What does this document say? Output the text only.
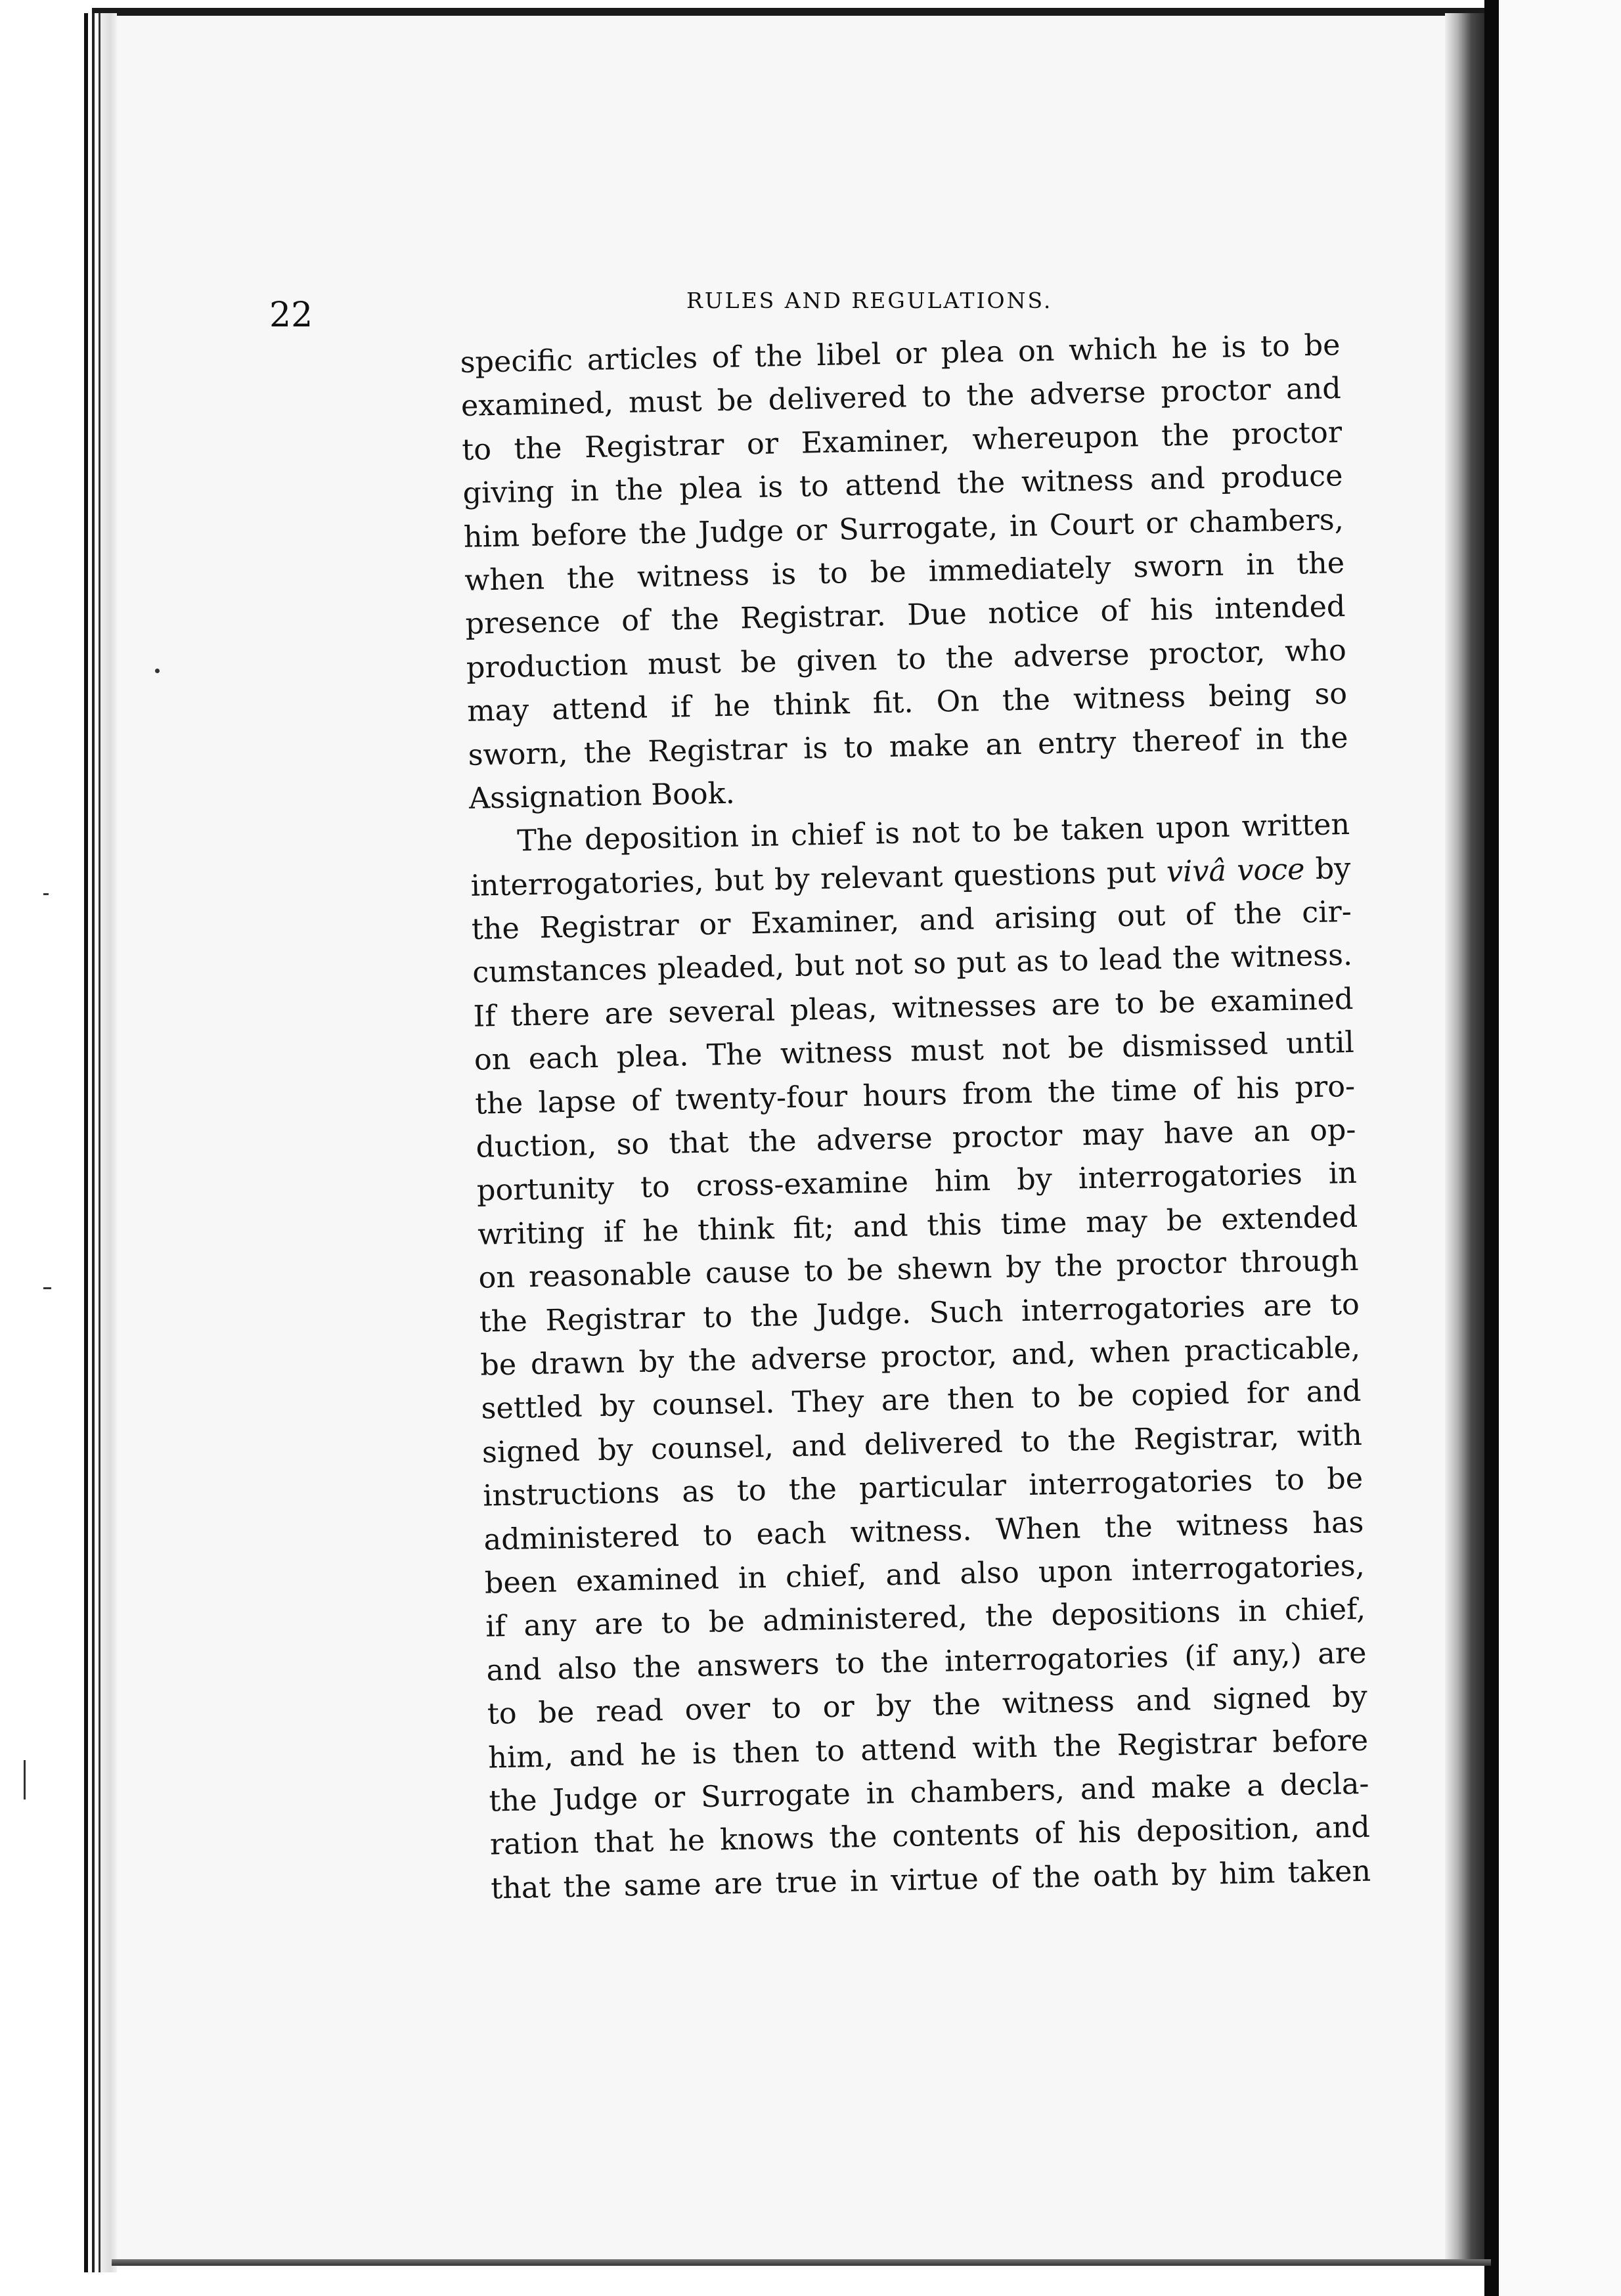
22	RULES AND REGULATIONS.
specific articles of the libel or plea on which he is to be
examined, must be delivered to the adverse proctor and
to the Registrar or Examiner, whereupon the proctor
giving in the plea is to attend the witness and produce
him before the Judge or Surrogate, in Court or chambers,
when the witness is to be immediately sworn in the
presence of the Registrar. Due notice of his intended
production must be given to the adverse proctor, who
may attend if he think fit. On the witness being so
sworn, the Registrar is to make an entry thereof in the
Assignation Book.
The deposition in chief is not to be taken upon written
interrogatories, but by relevant questions put vivâ voce by
the Registrar or Examiner, and arising out of the cir-
cumstances pleaded, but not so put as to lead the witness.
If there are several pleas, witnesses are to be examined
on each plea. The witness must not be dismissed until
the lapse of twenty-four hours from the time of his pro-
duction, so that the adverse proctor may have an op-
portunity to cross-examine him by interrogatories in
writing if he think fit; and this time may be extended
on reasonable cause to be shewn by the proctor through
the Registrar to the Judge. Such interrogatories are to
be drawn by the adverse proctor, and, when practicable,
settled by counsel. They are then to be copied for and
signed by counsel, and delivered to the Registrar, with
instructions as to the particular interrogatories to be
administered to each witness. When the witness has
been examined in chief, and also upon interrogatories,
if any are to be administered, the depositions in chief,
and also the answers to the interrogatories (if any,) are
to be read over to or by the witness and signed by
him, and he is then to attend with the Registrar before
the Judge or Surrogate in chambers, and make a decla-
ration that he knows the contents of his deposition, and
that the same are true in virtue of the oath by him taken
